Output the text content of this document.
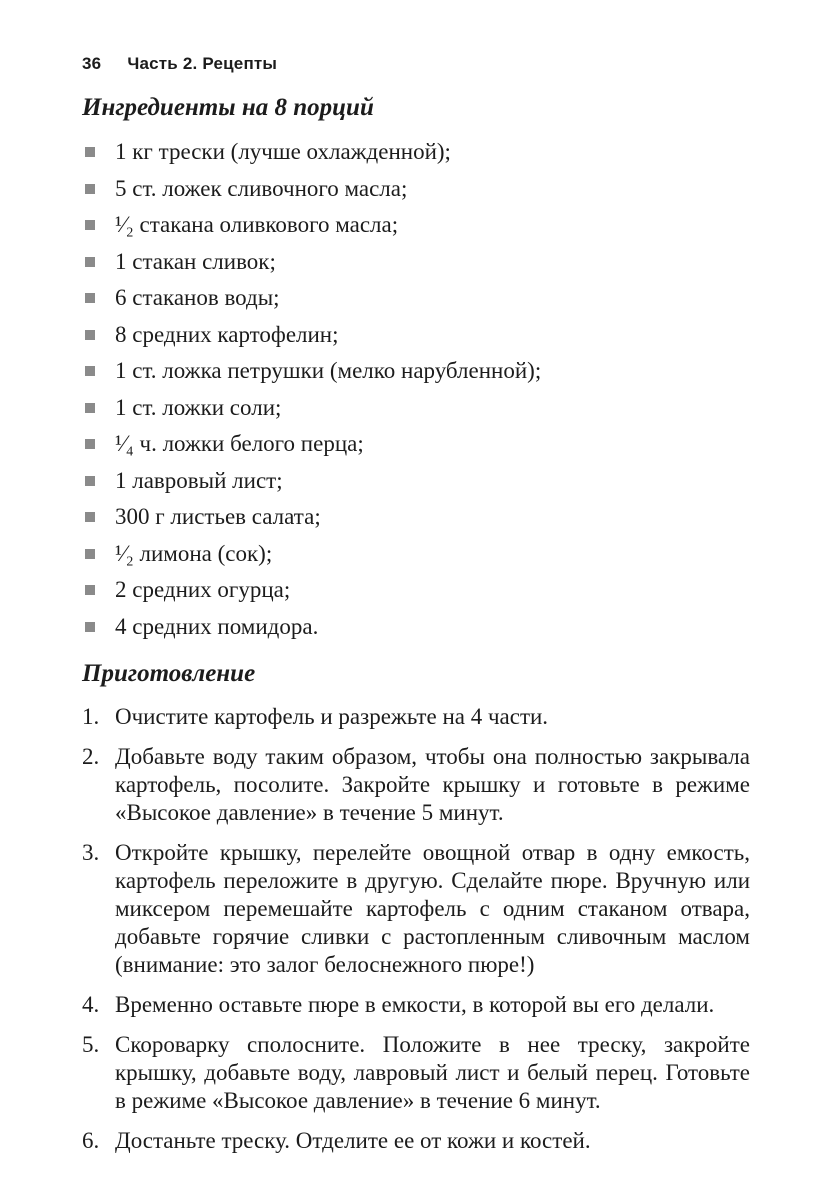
36 Часть 2. Рецепты
Ингредиенты на 8 порций
1 кг трески (лучше охлажденной);
5 ст. ложек сливочного масла;
¹⁄₂ стакана оливкового масла;
1 стакан сливок;
6 стаканов воды;
8 средних картофелин;
1 ст. ложка петрушки (мелко нарубленной);
1 ст. ложки соли;
¹⁄₄ ч. ложки белого перца;
1 лавровый лист;
300 г листьев салата;
¹⁄₂ лимона (сок);
2 средних огурца;
4 средних помидора.
Приготовление
1. Очистите картофель и разрежьте на 4 части.
2. Добавьте воду таким образом, чтобы она полностью закрывала картофель, посолите. Закройте крышку и готовьте в режиме «Высокое давление» в течение 5 минут.
3. Откройте крышку, перелейте овощной отвар в одну емкость, картофель переложите в другую. Сделайте пюре. Вручную или миксером перемешайте картофель с одним стаканом отвара, добавьте горячие сливки с растопленным сливочным маслом (внимание: это залог белоснежного пюре!)
4. Временно оставьте пюре в емкости, в которой вы его делали.
5. Скороварку сполосните. Положите в нее треску, закройте крышку, добавьте воду, лавровый лист и белый перец. Готовьте в режиме «Высокое давление» в течение 6 минут.
6. Достаньте треску. Отделите ее от кожи и костей.
